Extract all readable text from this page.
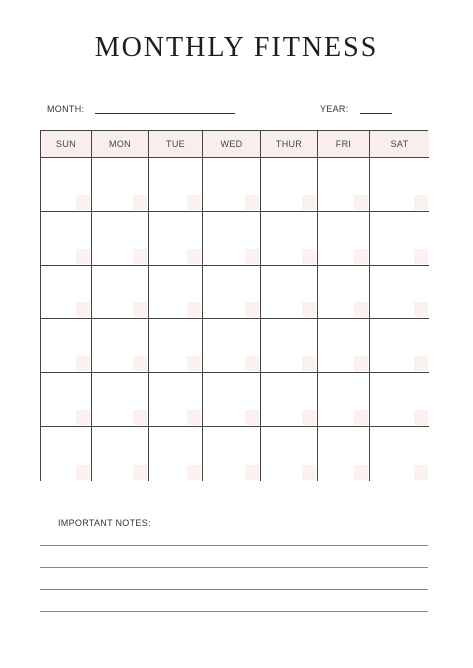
MONTHLY FITNESS
MONTH:	YEAR:
SUN	MON	TUE	WED	THUR	FRI	SAT
IMPORTANT NOTES:
